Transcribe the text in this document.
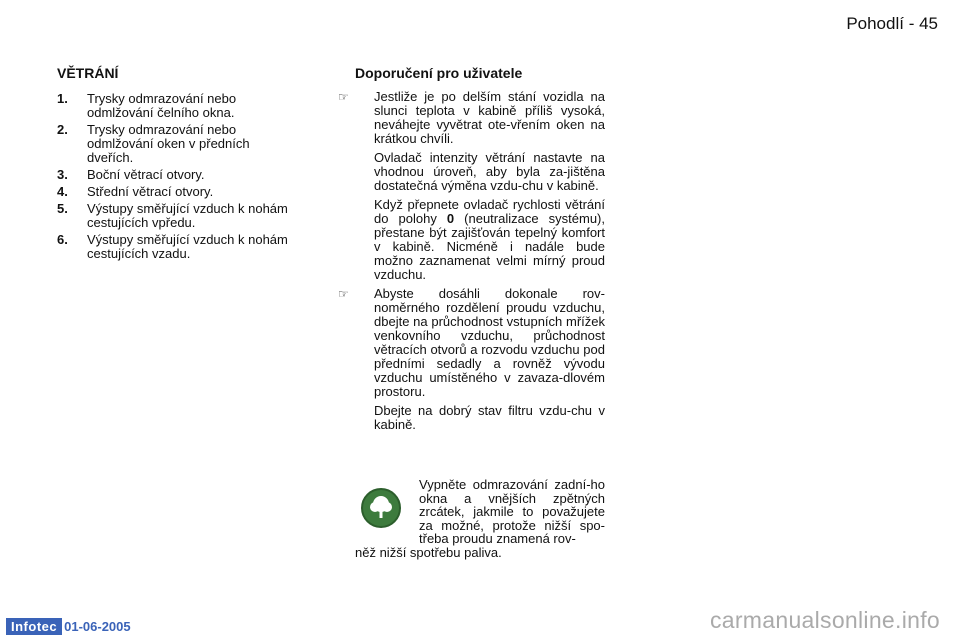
Pohodlí - 45
VĚTRÁNÍ
1. Trysky odmrazování nebo odmlžování čelního okna.
2. Trysky odmrazování nebo odmlžování oken v předních dveřích.
3. Boční větrací otvory.
4. Střední větrací otvory.
5. Výstupy směřující vzduch k nohám cestujících vpředu.
6. Výstupy směřující vzduch k nohám cestujících vzadu.
Doporučení pro uživatele

☞ Jestliže je po delším stání vozidla na slunci teplota v kabině příliš vysoká, neváhejte vyvětrat ote-vřením oken na krátkou chvíli.

Ovladač intenzity větrání nastavte na vhodnou úroveň, aby byla za-jištěna dostatečná výměna vzdu-chu v kabině.

Když přepnete ovladač rychlosti větrání do polohy 0 (neutralizace systému), přestane být zajišťován tepelný komfort v kabině. Nicméně i nadále bude možno zaznamenat velmi mírný proud vzduchu.

☞ Abyste dosáhli dokonale rov-noměrného rozdělení proudu vzduchu, dbejte na průchodnost vstupních mřížek venkovního vzduchu, průchodnost větracích otvorů a rozvodu vzduchu pod předními sedadly a rovněž vývodu vzduchu umístěného v zavaza-dlovém prostoru.

Dbejte na dobrý stav filtru vzdu-chu v kabině.

Vypněte odmrazování zadní-ho okna a vnějších zpětných zrcátek, jakmile to považujete za možné, protože nižší spo-třeba proudu znamená rov-

něž nižší spotřebu paliva.

Infotec 01-06-2005	carmanualsonline.info
